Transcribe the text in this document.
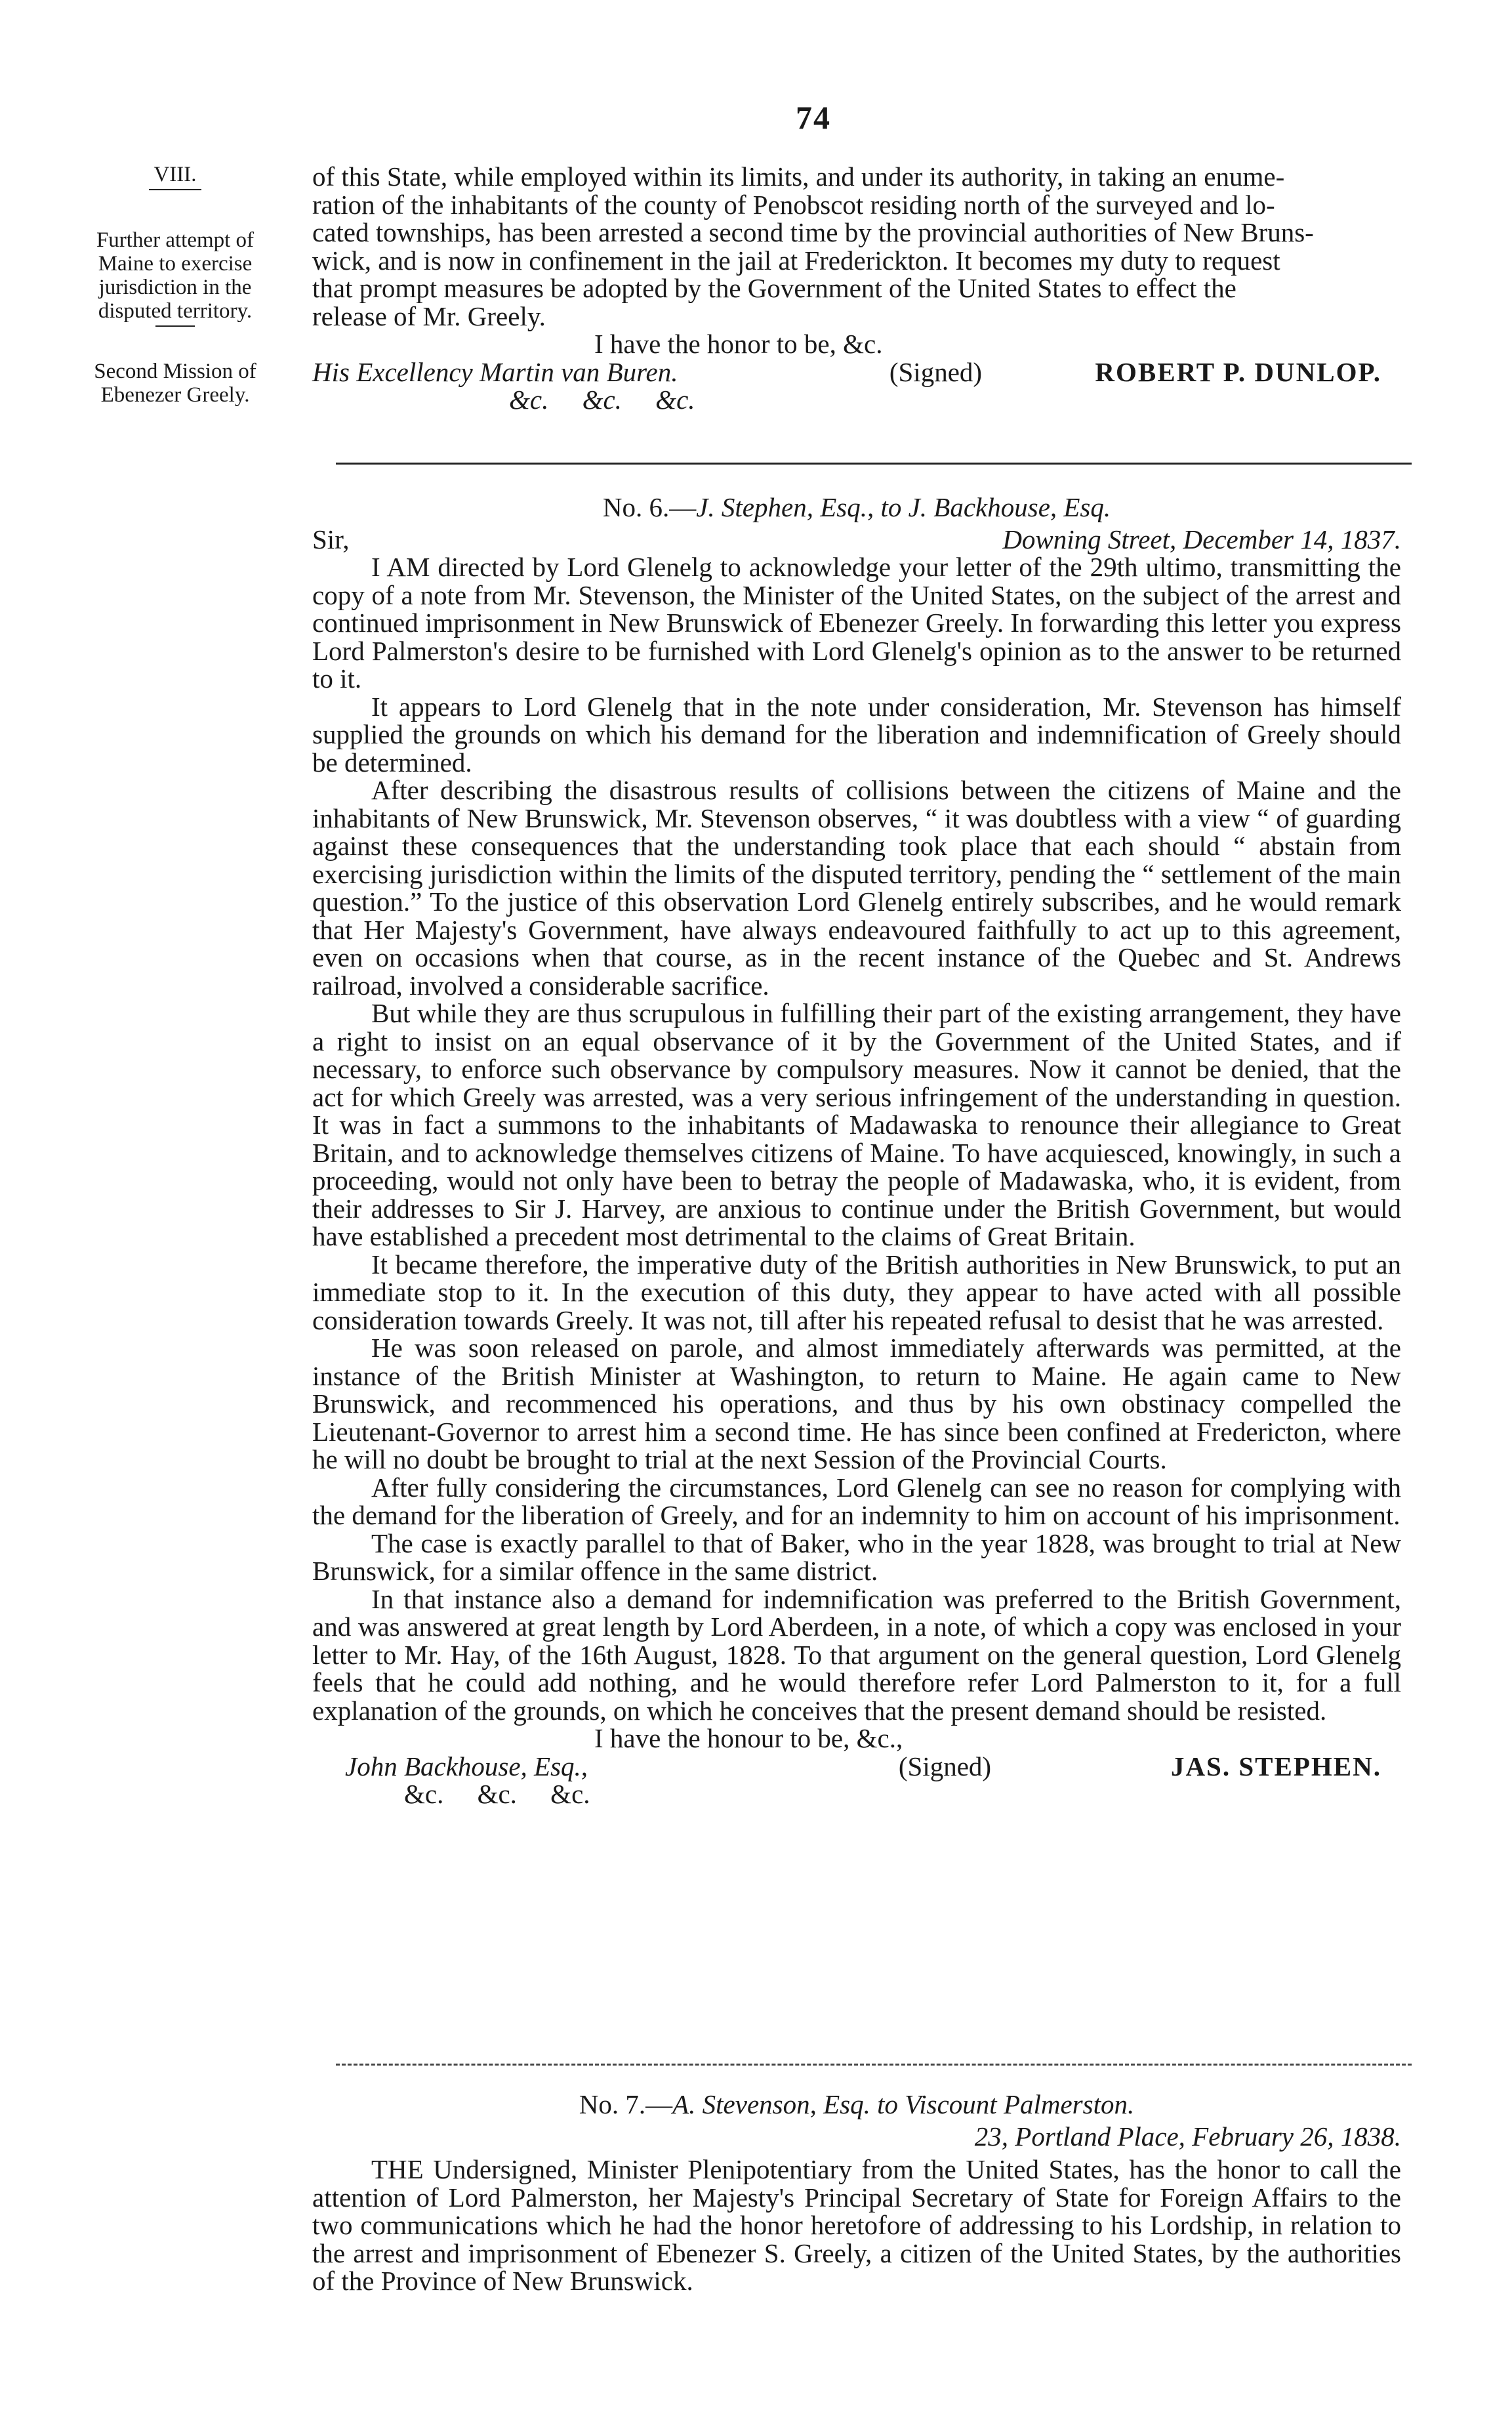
74
VIII.
Further attempt of
Maine to exercise
jurisdiction in the
disputed territory.
Second Mission of
Ebenezer Greely.
of this State, while employed within its limits, and under its authority, in taking an enume-
ration of the inhabitants of the county of Penobscot residing north of the surveyed and lo-
cated townships, has been arrested a second time by the provincial authorities of New Bruns-
wick, and is now in confinement in the jail at Frederickton. It becomes my duty to request
that prompt measures be adopted by the Government of the United States to effect the
release of Mr. Greely.
I have the honor to be, &c.
His Excellency Martin van Buren.	(Signed)	ROBERT P. DUNLOP.
&c.     &c.     &c.
No. 6.—J. Stephen, Esq., to J. Backhouse, Esq.
Sir,	Downing Street, December 14, 1837.

I AM directed by Lord Glenelg to acknowledge your letter of the 29th ultimo, transmitting the copy of a note from Mr. Stevenson, the Minister of the United States, on the subject of the arrest and continued imprisonment in New Brunswick of Ebenezer Greely. In forwarding this letter you express Lord Palmerston's desire to be furnished with Lord Glenelg's opinion as to the answer to be returned to it.

It appears to Lord Glenelg that in the note under consideration, Mr. Stevenson has himself supplied the grounds on which his demand for the liberation and indemnification of Greely should be determined.

After describing the disastrous results of collisions between the citizens of Maine and the inhabitants of New Brunswick, Mr. Stevenson observes, “ it was doubtless with a view “ of guarding against these consequences that the understanding took place that each should “ abstain from exercising jurisdiction within the limits of the disputed territory, pending the “ settlement of the main question.” To the justice of this observation Lord Glenelg entirely subscribes, and he would remark that Her Majesty's Government, have always endeavoured faithfully to act up to this agreement, even on occasions when that course, as in the recent instance of the Quebec and St. Andrews railroad, involved a considerable sacrifice.

But while they are thus scrupulous in fulfilling their part of the existing arrangement, they have a right to insist on an equal observance of it by the Government of the United States, and if necessary, to enforce such observance by compulsory measures. Now it cannot be denied, that the act for which Greely was arrested, was a very serious infringement of the understanding in question. It was in fact a summons to the inhabitants of Madawaska to renounce their allegiance to Great Britain, and to acknowledge themselves citizens of Maine. To have acquiesced, knowingly, in such a proceeding, would not only have been to betray the people of Madawaska, who, it is evident, from their addresses to Sir J. Harvey, are anxious to continue under the British Government, but would have established a precedent most detrimental to the claims of Great Britain.

It became therefore, the imperative duty of the British authorities in New Brunswick, to put an immediate stop to it. In the execution of this duty, they appear to have acted with all possible consideration towards Greely. It was not, till after his repeated refusal to desist that he was arrested.

He was soon released on parole, and almost immediately afterwards was permitted, at the instance of the British Minister at Washington, to return to Maine. He again came to New Brunswick, and recommenced his operations, and thus by his own obstinacy compelled the Lieutenant-Governor to arrest him a second time. He has since been confined at Fredericton, where he will no doubt be brought to trial at the next Session of the Provincial Courts.

After fully considering the circumstances, Lord Glenelg can see no reason for complying with the demand for the liberation of Greely, and for an indemnity to him on account of his imprisonment.

The case is exactly parallel to that of Baker, who in the year 1828, was brought to trial at New Brunswick, for a similar offence in the same district.

In that instance also a demand for indemnification was preferred to the British Government, and was answered at great length by Lord Aberdeen, in a note, of which a copy was enclosed in your letter to Mr. Hay, of the 16th August, 1828. To that argument on the general question, Lord Glenelg feels that he could add nothing, and he would therefore refer Lord Palmerston to it, for a full explanation of the grounds, on which he conceives that the present demand should be resisted.

I have the honour to be, &c.,
John Backhouse, Esq.,	(Signed)	JAS. STEPHEN.
&c.     &c.     &c.
No. 7.—A. Stevenson, Esq. to Viscount Palmerston.
23, Portland Place, February 26, 1838.

THE Undersigned, Minister Plenipotentiary from the United States, has the honor to call the attention of Lord Palmerston, her Majesty's Principal Secretary of State for Foreign Affairs to the two communications which he had the honor heretofore of addressing to his Lordship, in relation to the arrest and imprisonment of Ebenezer S. Greely, a citizen of the United States, by the authorities of the Province of New Brunswick.
